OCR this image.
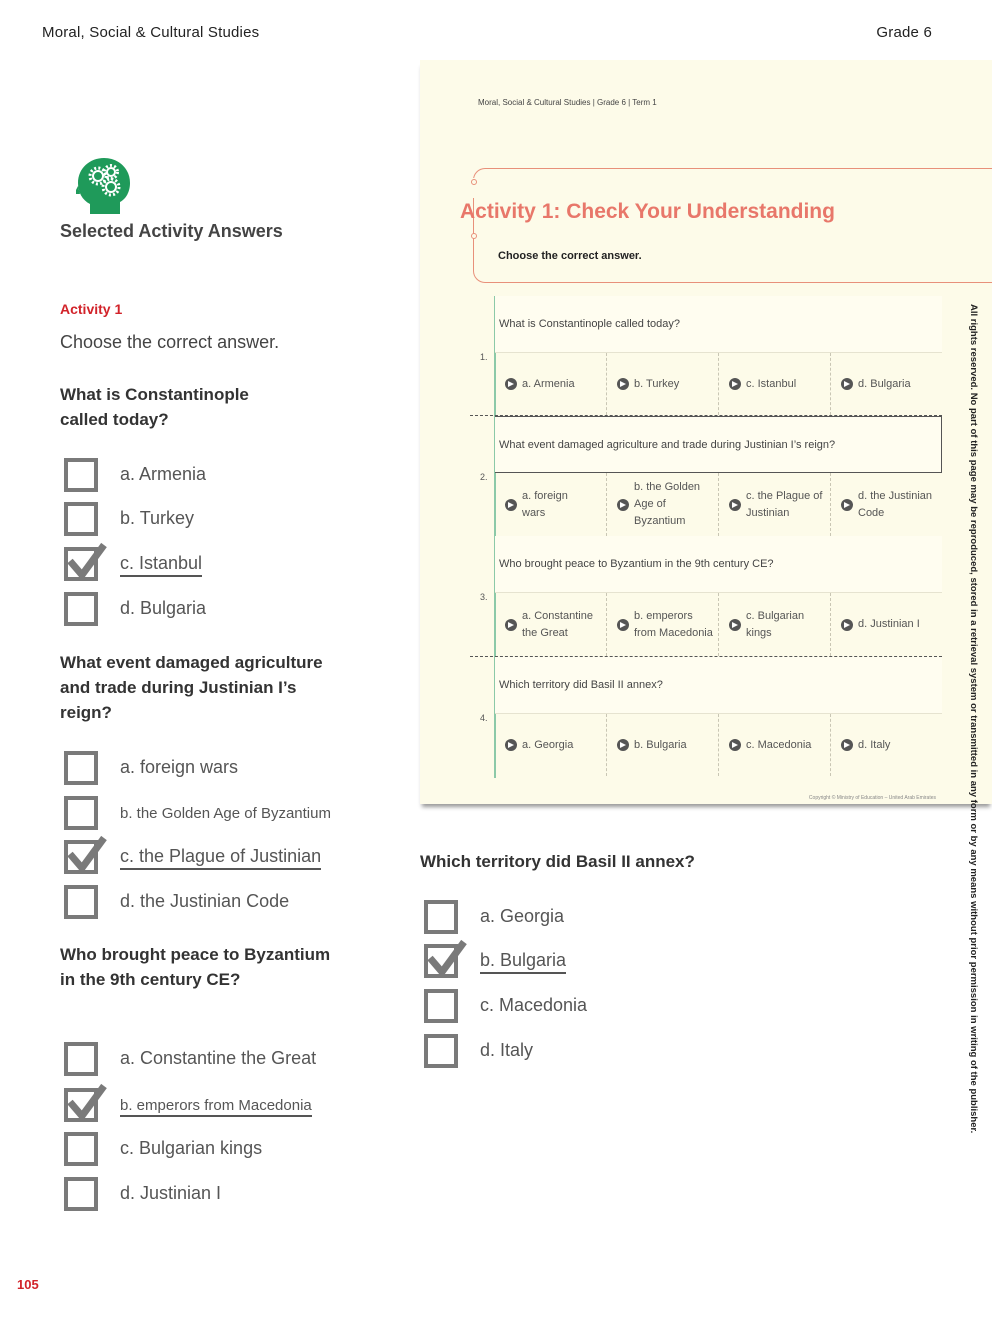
Moral, Social & Cultural Studies	Grade 6
Selected Activity Answers
Activity 1
Choose the correct answer.
What is Constantinople called today?
a. Armenia
b. Turkey
c. Istanbul
d. Bulgaria
What event damaged agriculture and trade during Justinian I’s reign?
a. foreign wars
b. the Golden Age of Byzantium
c. the Plague of Justinian
d. the Justinian Code
Who brought peace to Byzantium in the 9th century CE?
a. Constantine the Great
b. emperors from Macedonia
c. Bulgarian kings
d. Justinian I
Which territory did Basil II annex?
a. Georgia
b. Bulgaria
c. Macedonia
d. Italy
105
Moral, Social & Cultural Studies | Grade 6 | Term 1
Activity 1: Check Your Understanding
Choose the correct answer.
What is Constantinople called today?
1.
a. Armenia	b. Turkey	c. Istanbul	d. Bulgaria
What event damaged agriculture and trade during Justinian I’s reign?
2.
a. foreign wars
b. the Golden Age of Byzantium
c. the Plague of Justinian
d. the Justinian Code
Who brought peace to Byzantium in the 9th century CE?
3.
a. Constantine the Great
b. emperors from Macedonia
c. Bulgarian kings
d. Justinian I
Which territory did Basil II annex?
4.
a. Georgia	b. Bulgaria	c. Macedonia	d. Italy
Copyright © Ministry of Education – United Arab Emirates	All rights reserved. No part of this page may be reproduced, stored in a retrieval system or transmitted in any form or by any means without prior permission in writing of the publisher.
